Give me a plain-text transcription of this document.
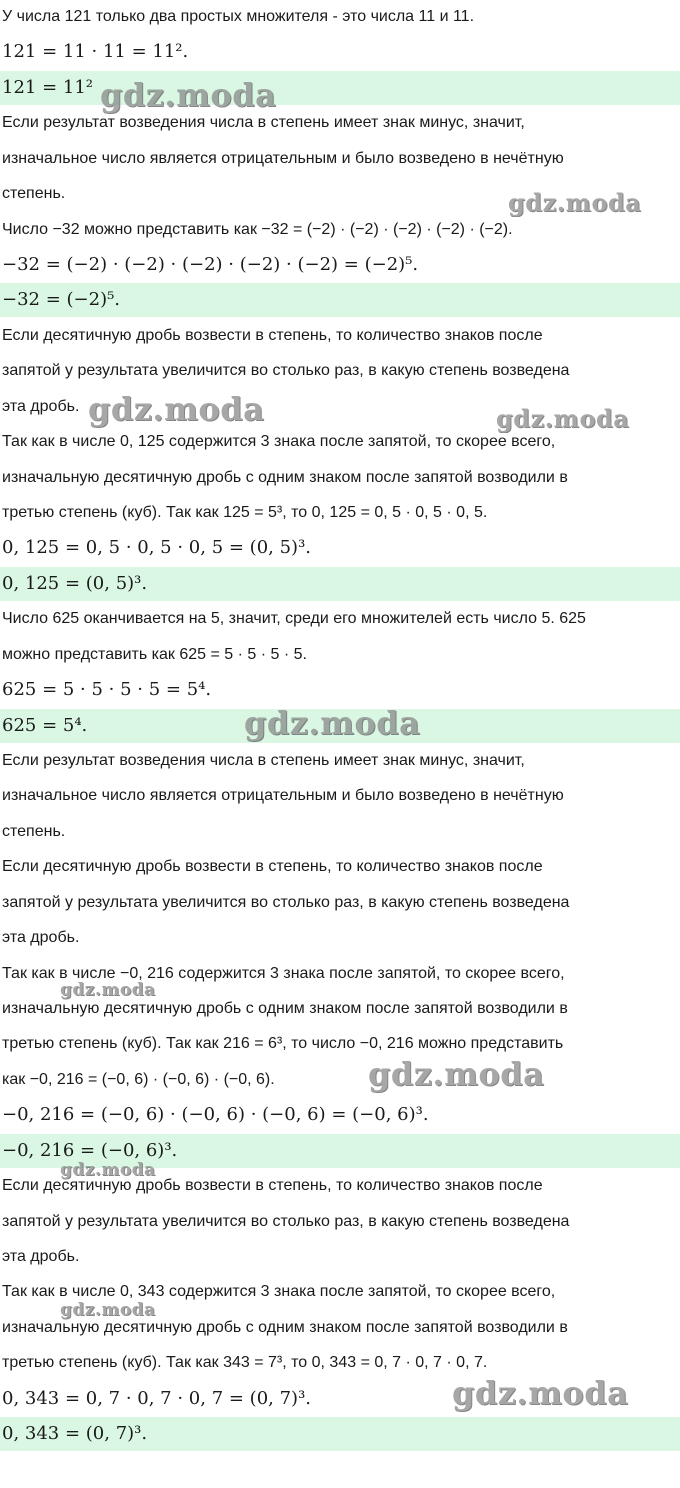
У числа 121 только два простых множителя - это числа 11 и 11.
121 = 11 · 11 = 11².
121 = 11²
Если результат возведения числа в степень имеет знак минус, значит,
изначальное число является отрицательным и было возведено в нечётную
степень.
Число −32 можно представить как −32 = (−2) · (−2) · (−2) · (−2) · (−2).
−32 = (−2) · (−2) · (−2) · (−2) · (−2) = (−2)⁵.
−32 = (−2)⁵.
Если десятичную дробь возвести в степень, то количество знаков после
запятой у результата увеличится во столько раз, в какую степень возведена
эта дробь.
Так как в числе 0, 125 содержится 3 знака после запятой, то скорее всего,
изначальную десятичную дробь с одним знаком после запятой возводили в
третью степень (куб). Так как 125 = 5³, то 0, 125 = 0, 5 · 0, 5 · 0, 5.
0, 125 = 0, 5 · 0, 5 · 0, 5 = (0, 5)³.
0, 125 = (0, 5)³.
Число 625 оканчивается на 5, значит, среди его множителей есть число 5. 625
можно представить как 625 = 5 · 5 · 5 · 5.
625 = 5 · 5 · 5 · 5 = 5⁴.
625 = 5⁴.
Если результат возведения числа в степень имеет знак минус, значит,
изначальное число является отрицательным и было возведено в нечётную
степень.
Если десятичную дробь возвести в степень, то количество знаков после
запятой у результата увеличится во столько раз, в какую степень возведена
эта дробь.
Так как в числе −0, 216 содержится 3 знака после запятой, то скорее всего,
изначальную десятичную дробь с одним знаком после запятой возводили в
третью степень (куб). Так как 216 = 6³, то число −0, 216 можно представить
как −0, 216 = (−0, 6) · (−0, 6) · (−0, 6).
−0, 216 = (−0, 6) · (−0, 6) · (−0, 6) = (−0, 6)³.
−0, 216 = (−0, 6)³.
Если десятичную дробь возвести в степень, то количество знаков после
запятой у результата увеличится во столько раз, в какую степень возведена
эта дробь.
Так как в числе 0, 343 содержится 3 знака после запятой, то скорее всего,
изначальную десятичную дробь с одним знаком после запятой возводили в
третью степень (куб). Так как 343 = 7³, то 0, 343 = 0, 7 · 0, 7 · 0, 7.
0, 343 = 0, 7 · 0, 7 · 0, 7 = (0, 7)³.
0, 343 = (0, 7)³.
gdz.moda
gdz.moda
gdz.moda	gdz.moda
gdz.moda
gdz.moda
gdz.moda
gdz.moda
gdz.moda
gdz.moda
